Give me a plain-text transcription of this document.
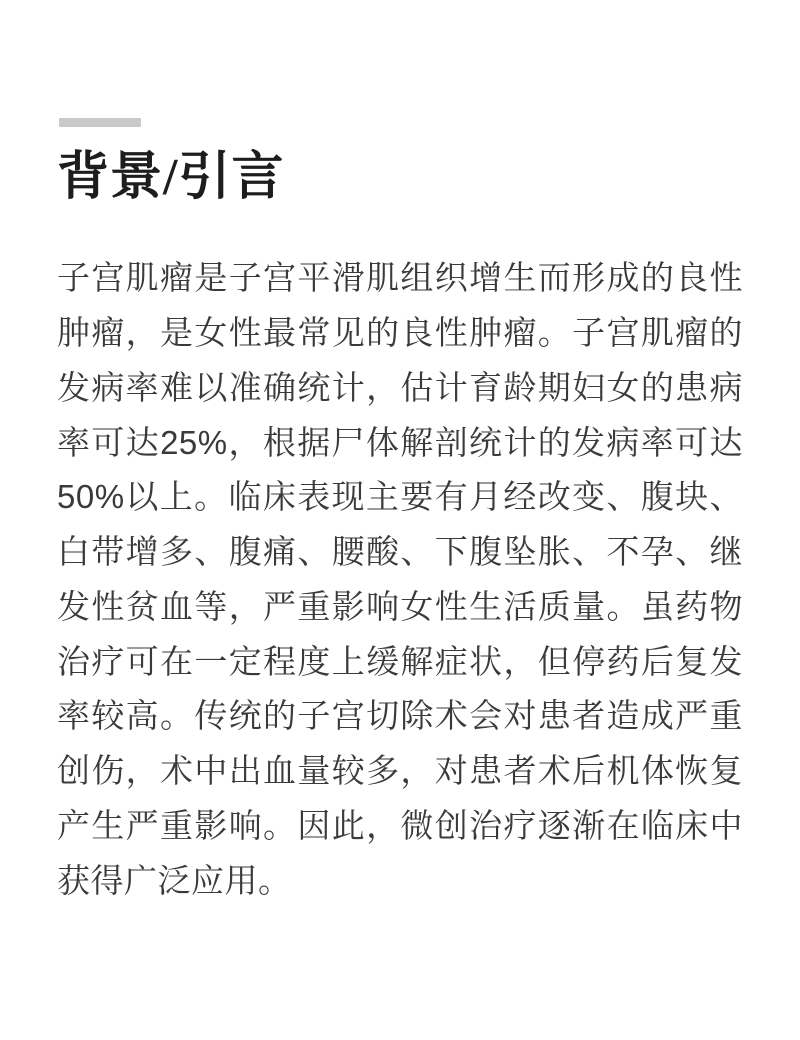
背景/引言

子宫肌瘤是子宫平滑肌组织增生而形成的良性肿瘤，是女性最常见的良性肿瘤。子宫肌瘤的发病率难以准确统计，估计育龄期妇女的患病率可达25%，根据尸体解剖统计的发病率可达50%以上。临床表现主要有月经改变、腹块、白带增多、腹痛、腰酸、下腹坠胀、不孕、继发性贫血等，严重影响女性生活质量。虽药物治疗可在一定程度上缓解症状，但停药后复发率较高。传统的子宫切除术会对患者造成严重创伤，术中出血量较多，对患者术后机体恢复产生严重影响。因此，微创治疗逐渐在临床中获得广泛应用。
